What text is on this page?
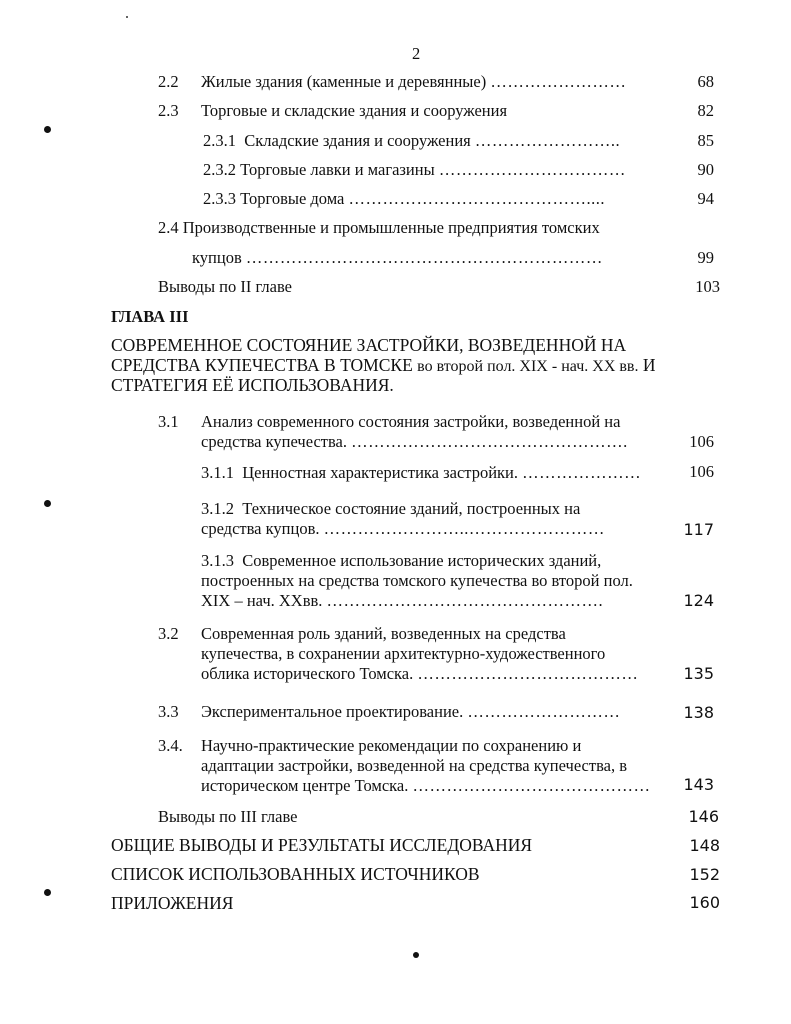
2
2.2 Жилые здания (каменные и деревянные) ……………………	68
2.3 Торговые и складские здания и сооружения	82
2.3.1 Складские здания и сооружения ……………………..	85
2.3.2 Торговые лавки и магазины ……………………………	90
2.3.3 Торговые дома ……………………………………....	94
2.4 Производственные и промышленные предприятия томских
купцов ………………………………………………………	99
Выводы по II главе	103
ГЛАВА III
СОВРЕМЕННОЕ СОСТОЯНИЕ ЗАСТРОЙКИ, ВОЗВЕДЕННОЙ НА
СРЕДСТВА КУПЕЧЕСТВА В ТОМСКЕ во второй пол. XIX - нач. XX вв. И
СТРАТЕГИЯ ЕЁ ИСПОЛЬЗОВАНИЯ.
3.1 Анализ современного состояния застройки, возведенной на
средства купечества. ………………………………………….	106
3.1.1 Ценностная характеристика застройки. …………………	106
3.1.2 Техническое состояние зданий, построенных на
средства купцов. ……………………..……………………	117
3.1.3 Современное использование исторических зданий,
построенных на средства томского купечества во второй пол.
XIX – нач. XXвв. ………………………………………….	124
3.2 Современная роль зданий, возведенных на средства
купечества, в сохранении архитектурно-художественного
облика исторического Томска. …………………………………	135
3.3 Экспериментальное проектирование. ………………………	138
3.4. Научно-практические рекомендации по сохранению и
адаптации застройки, возведенной на средства купечества, в
историческом центре Томска. ……………………………………	143
Выводы по III главе	146
ОБЩИЕ ВЫВОДЫ И РЕЗУЛЬТАТЫ ИССЛЕДОВАНИЯ	148
СПИСОК ИСПОЛЬЗОВАННЫХ ИСТОЧНИКОВ	152
ПРИЛОЖЕНИЯ	160
